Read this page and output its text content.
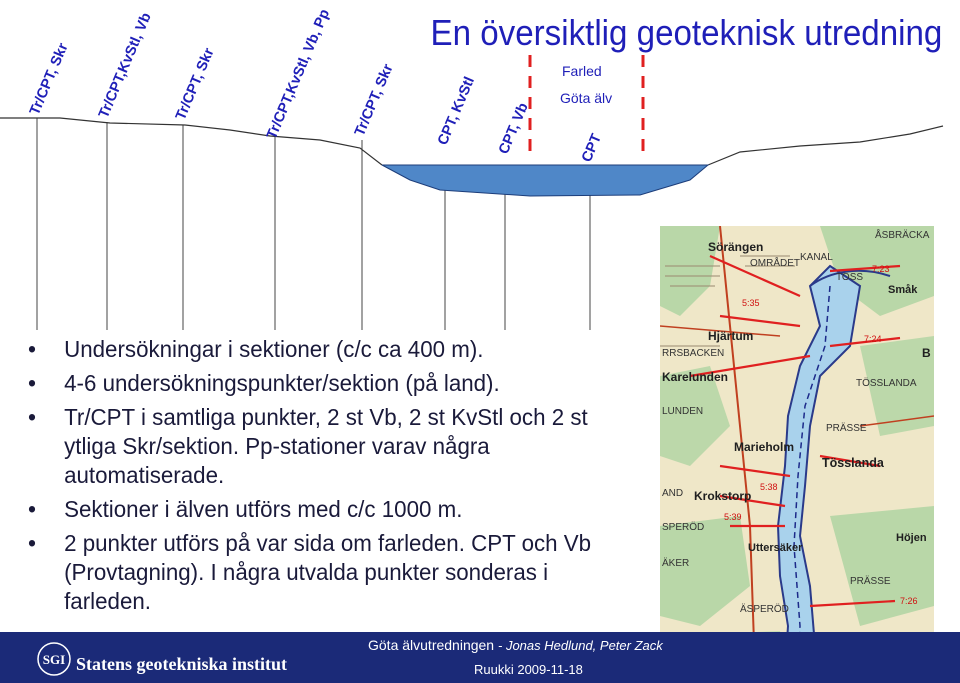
Tr/CPT, Skr Tr/CPT,KvStl, Vb Tr/CPT, Skr	Tr/CPT,KvStl, Vb, Pp Tr/CPT, Skr	CPT, KvStl CPT, Vb	CPT
Farled
Göta älv
En översiktlig geoteknisk utredning
• Undersökningar i sektioner (c/c ca 400 m).
• 4-6 undersökningspunkter/sektion (på land).
• Tr/CPT i samtliga punkter, 2 st Vb, 2 st KvStl och 2 st ytliga Skr/sektion. Pp-stationer varav några automatiserade.
• Sektioner i älven utförs med c/c 1000 m.
• 2 punkter utförs på var sida om farleden. CPT och Vb (Provtagning). I några utvalda punkter sonderas i farleden.
Sörängen
OMRÅDET
KANAL
TOSS
Småk
ÅSBRÄCKA
Hjärtum
RRSBACKEN
Karelunden	TÖSSLANDA
LUNDEN
PRÄSSE
Marieholm
Tösslanda
Krokstorp
SPERÖD
Uttersäker
Höjen
ÄKER
PRÄSSE
ÄSPERÖD
B
AND
7:23
5:35
7:24
5:38
5:39
7:26
SGI Statens geotekniska institut
Göta älvutredningen - Jonas Hedlund, Peter Zack
Ruukki 2009-11-18
